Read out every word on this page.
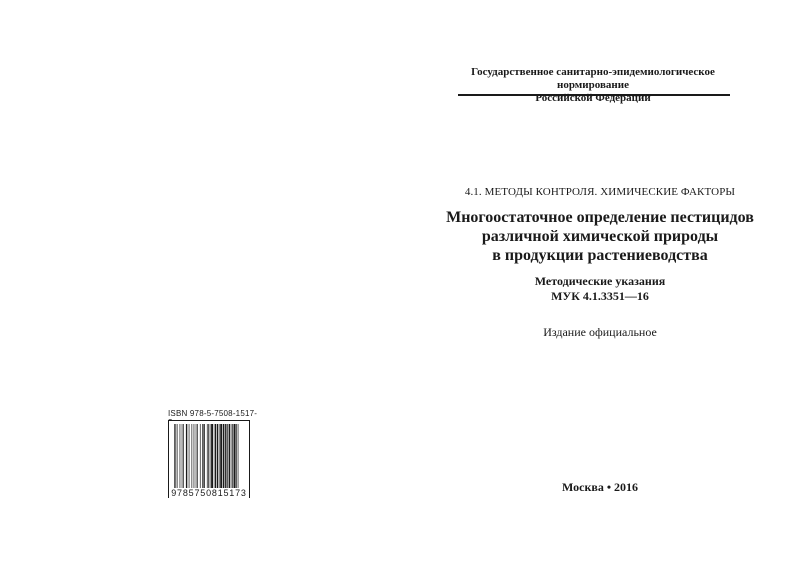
ISBN 978-5-7508-1517-
9785750815173
Государственное санитарно-эпидемиологическое нормирование
Российской Федерации
4.1. МЕТОДЫ КОНТРОЛЯ. ХИМИЧЕСКИЕ ФАКТОРЫ
Многоостаточное определение пестицидов
различной химической природы
в продукции растениеводства
Методические указания
МУК 4.1.3351—16
Издание официальное
Москва • 2016
